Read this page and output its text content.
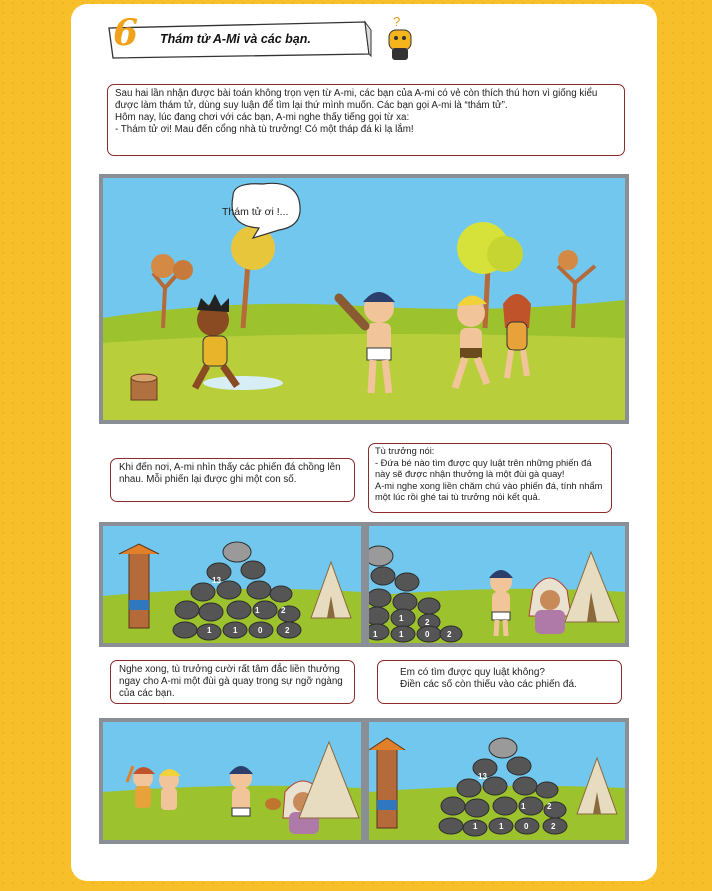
6 Thám tử A-Mi và các bạn.
?

Sau hai lần nhận được bài toán không trọn vẹn từ A-mi, các bạn của A-mi có vẻ còn thích thú hơn vì giống kiểu được làm thám tử, dùng suy luận để tìm lại thứ mình muốn. Các bạn gọi A-mi là “thám tử”.

Hôm nay, lúc đang chơi với các bạn, A-mi nghe thấy tiếng gọi từ xa:

- Thám tử ơi! Mau đến cổng nhà tù trưởng! Có một tháp đá kì lạ lắm!

Thám tử ơi !...

Khi đến nơi, A-mi nhìn thấy các phiến đá chồng lên nhau. Mỗi phiến lại được ghi một con số.

Tù trưởng nói:

- Đứa bé nào tìm được quy luật trên những phiến đá này sẽ được nhận thưởng là một đùi gà quay!

A-mi nghe xong liền chăm chú vào phiến đá, tính nhẩm một lúc rồi ghé tai tù trưởng nói kết quả.

13
1	2
1	1	0	2
1	2
1	1	0 2

Nghe xong, tù trưởng cười rất tâm đắc liền thưởng ngay cho A-mi một đùi gà quay trong sự ngỡ ngàng của các bạn.

Em có tìm được quy luật không?

Điền các số còn thiếu vào các phiến đá.

13
1	2
1	1	0	2
